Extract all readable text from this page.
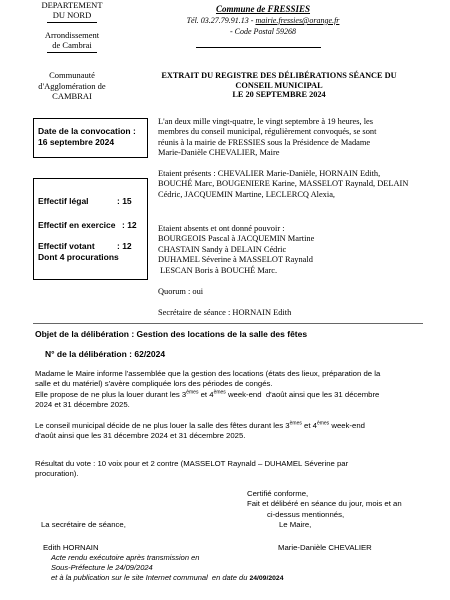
DEPARTEMENT
DU NORD
Arrondissement
de Cambrai
Communauté
d'Agglomération de
CAMBRAI
Commune de FRESSIES
Tél. 03.27.79.91.13 - mairie.fressies@orange.fr
- Code Postal 59268
EXTRAIT DU REGISTRE DES DÉLIBÉRATIONS SÉANCE DU
CONSEIL MUNICIPAL
LE 20 SEPTEMBRE 2024
Date de la convocation :
16 septembre 2024
Effectif légal	: 15
Effectif en exercice : 12
Effectif votant	: 12
Dont 4 procurations
L'an deux mille vingt-quatre, le vingt septembre à 19 heures, les
membres du conseil municipal, régulièrement convoqués, se sont
réunis à la mairie de FRESSIES sous la Présidence de Madame
Marie-Danièle CHEVALIER, Maire
Etaient présents : CHEVALIER Marie-Danièle, HORNAIN Edith,
BOUCHÉ Marc, BOUGENIERE Karine, MASSELOT Raynald, DELAIN
Cédric, JACQUEMIN Martine, LECLERCQ Alexia,
Etaient absents et ont donné pouvoir :
BOURGEOIS Pascal à JACQUEMIN Martine
CHASTAIN Sandy à DELAIN Cédric
DUHAMEL Séverine à MASSELOT Raynald
LESCAN Boris à BOUCHÉ Marc.
Quorum : oui
Secrétaire de séance : HORNAIN Edith
Objet de la délibération : Gestion des locations de la salle des fêtes
N° de la délibération : 62/2024
Madame le Maire informe l'assemblée que la gestion des locations (états des lieux, préparation de la
salle et du matériel) s'avère compliquée lors des périodes de congés.
Elle propose de ne plus la louer durant les 3èmes et 4èmes week-end  d'août ainsi que les 31 décembre
2024 et 31 décembre 2025.
Le conseil municipal décide de ne plus louer la salle des fêtes durant les 3èmes et 4èmes week-end
d'août ainsi que les 31 décembre 2024 et 31 décembre 2025.
Résultat du vote : 10 voix pour et 2 contre (MASSELOT Raynald – DUHAMEL Séverine par
procuration).
Certifié conforme,
Fait et délibéré en séance du jour, mois et an
ci-dessus mentionnés,
Le Maire,
La secrétaire de séance,
Edith HORNAIN	Marie-Danièle CHEVALIER
Acte rendu exécutoire après transmission en
Sous-Préfecture le 24/09/2024
et à la publication sur le site Internet communal  en date du 24/09/2024
